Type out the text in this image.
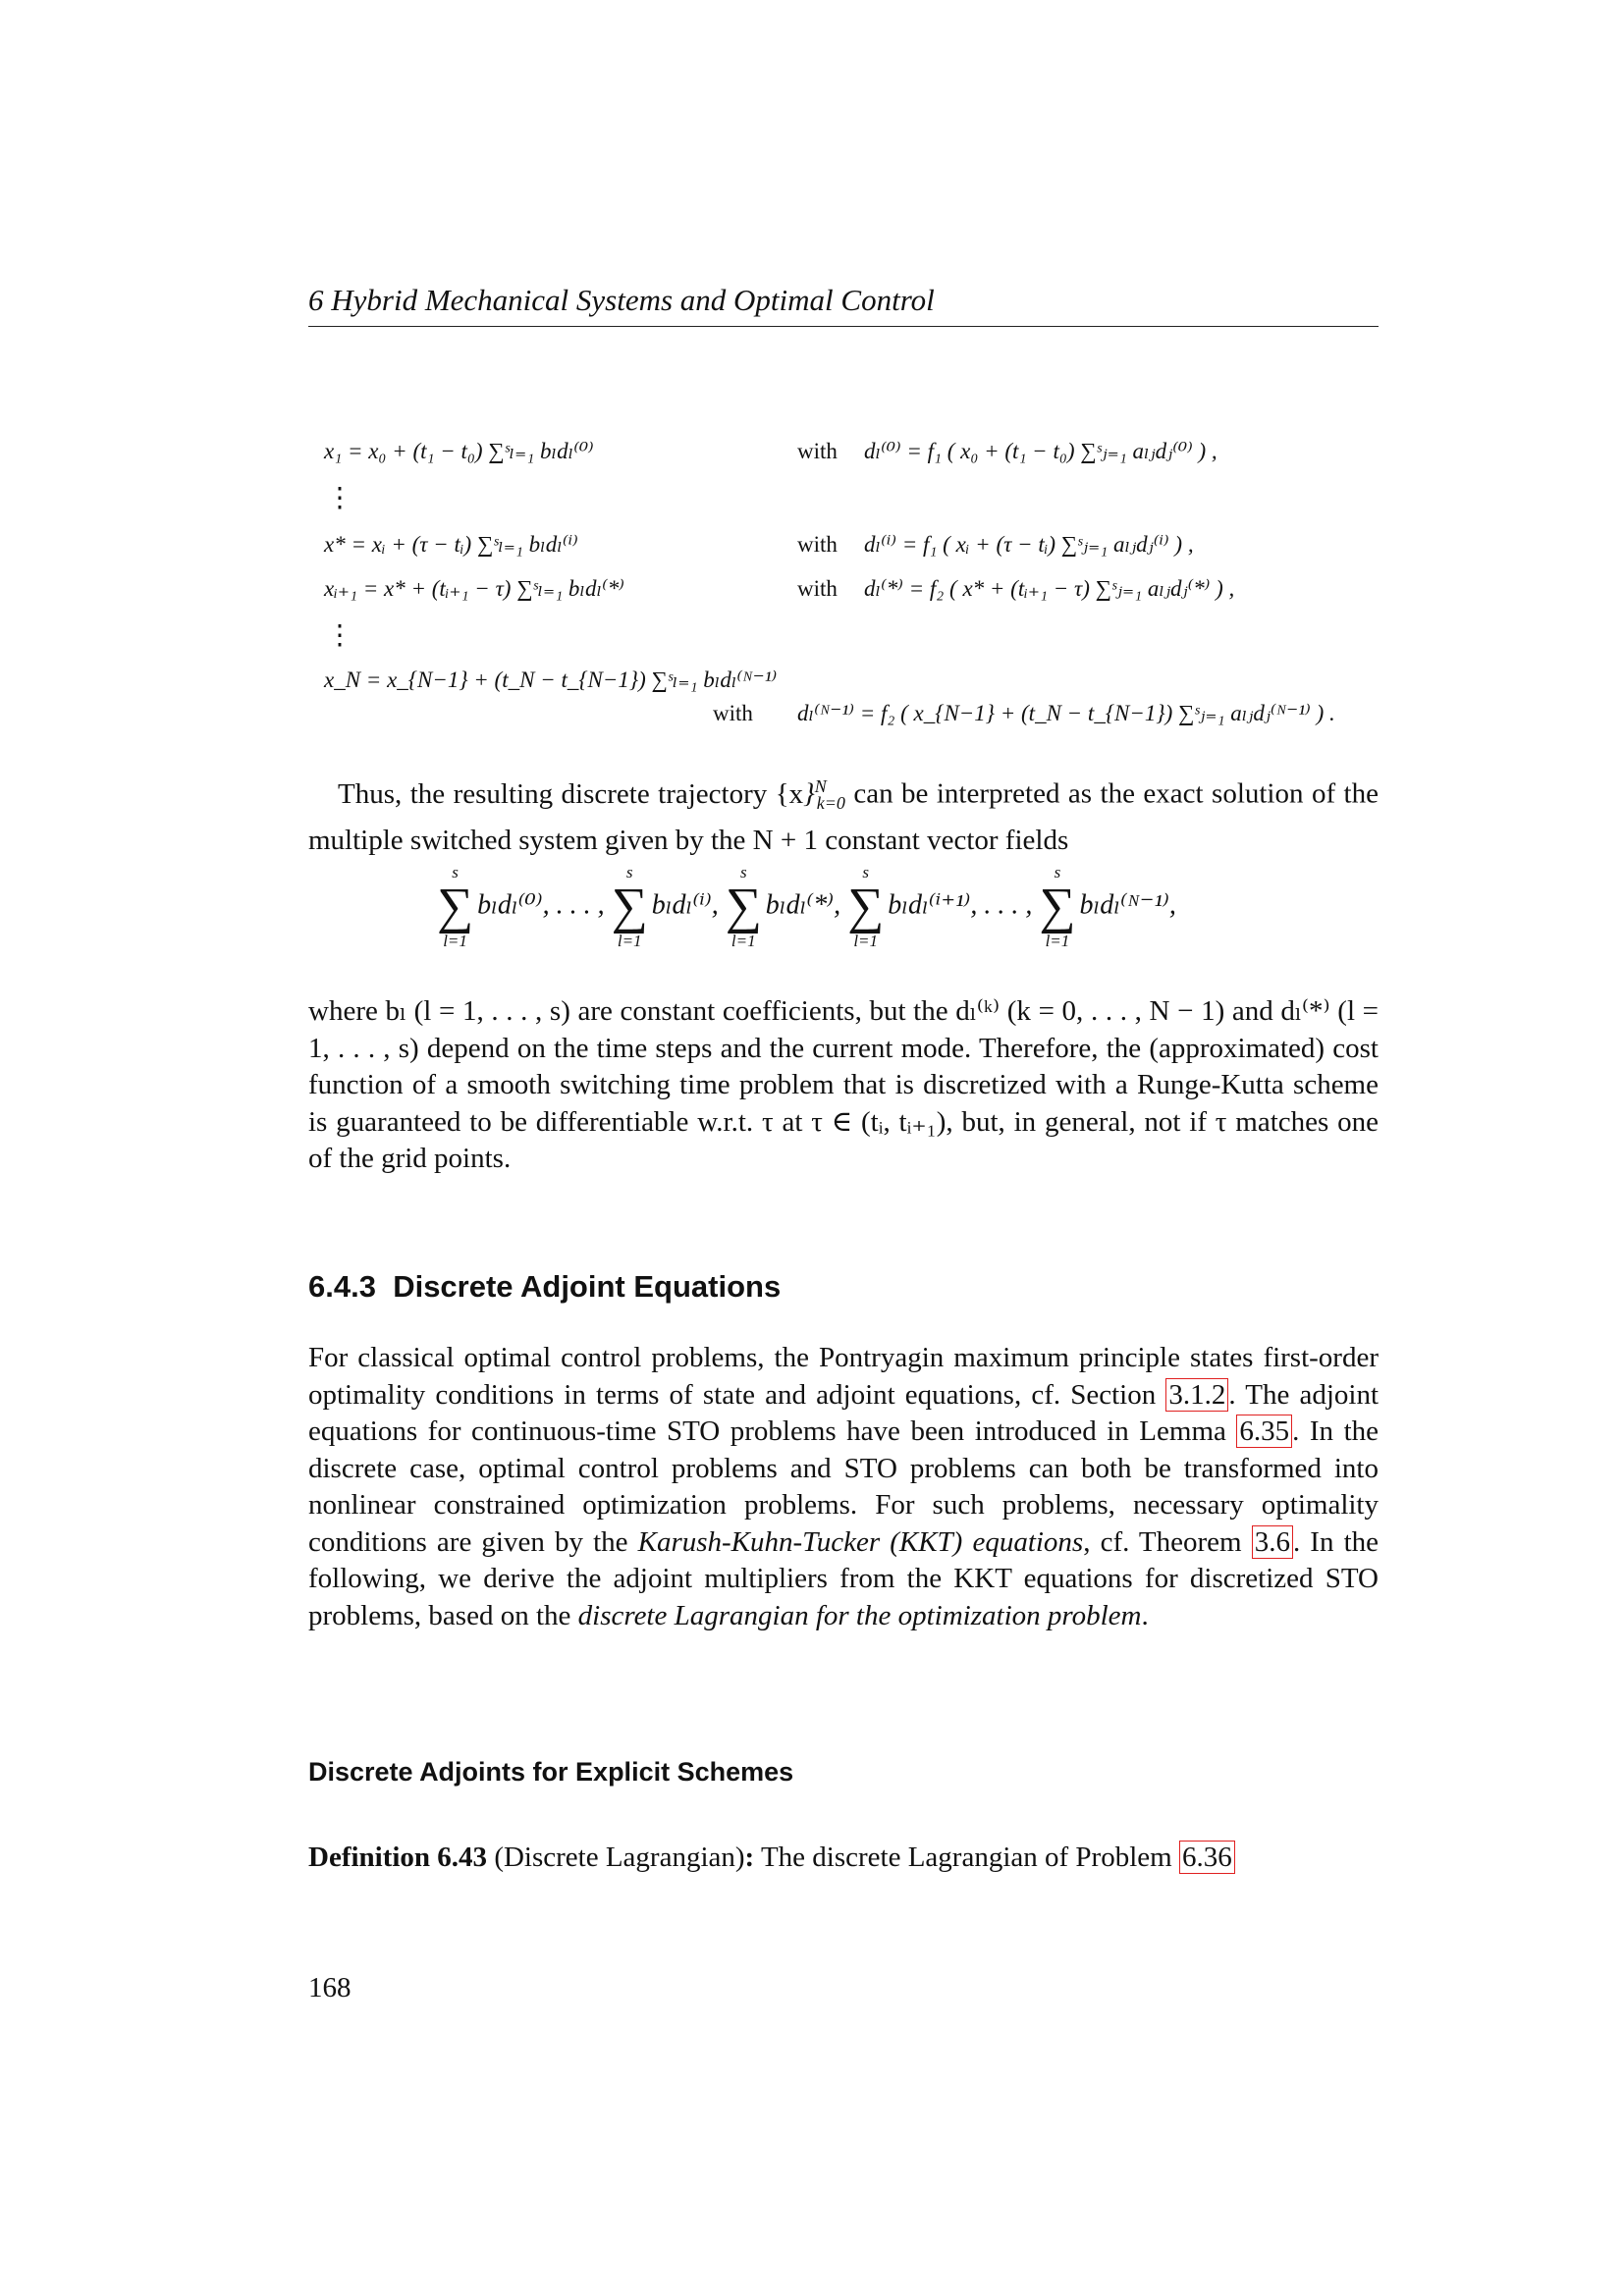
6 Hybrid Mechanical Systems and Optimal Control
x₁ = x₀ + (t₁ − t₀) ∑ˢₗ₌₁ bₗdₗ⁽⁰⁾	with dₗ⁽⁰⁾ = f₁ ( x₀ + (t₁ − t₀) ∑ˢⱼ₌₁ aₗⱼdⱼ⁽⁰⁾ ) ,
⋮
x* = xᵢ + (τ − tᵢ) ∑ˢₗ₌₁ bₗdₗ⁽ⁱ⁾	with dₗ⁽ⁱ⁾ = f₁ ( xᵢ + (τ − tᵢ) ∑ˢⱼ₌₁ aₗⱼdⱼ⁽ⁱ⁾ ) ,
xᵢ₊₁ = x* + (tᵢ₊₁ − τ) ∑ˢₗ₌₁ bₗdₗ⁽*⁾	with dₗ⁽*⁾ = f₂ ( x* + (tᵢ₊₁ − τ) ∑ˢⱼ₌₁ aₗⱼdⱼ⁽*⁾ ) ,
⋮
x_N = x_{N−1} + (t_N − t_{N−1}) ∑ˢₗ₌₁ bₗdₗ⁽ᴺ⁻¹⁾
with dₗ⁽ᴺ⁻¹⁾ = f₂ ( x_{N−1} + (t_N − t_{N−1}) ∑ˢⱼ₌₁ aₗⱼdⱼ⁽ᴺ⁻¹⁾ ) .
Thus, the resulting discrete trajectory $\{x\}^N_{k=0}$ can be interpreted as the exact solution of the multiple switched system given by the N + 1 constant vector fields
s
∑
l=1
bₗdₗ⁽⁰⁾, . . . ,
s
∑
l=1
bₗdₗ⁽ⁱ⁾,
s
∑
l=1
bₗdₗ⁽*⁾,
s
∑
l=1
bₗdₗ⁽ⁱ⁺¹⁾, . . . ,
s
∑
l=1
bₗdₗ⁽ᴺ⁻¹⁾,
where bₗ (l = 1, . . . , s) are constant coefficients, but the dₗ⁽ᵏ⁾ (k = 0, . . . , N − 1) and dₗ⁽*⁾ (l = 1, . . . , s) depend on the time steps and the current mode. Therefore, the (approximated) cost function of a smooth switching time problem that is discretized with a Runge-Kutta scheme is guaranteed to be differentiable w.r.t. τ at τ ∈ (tᵢ, tᵢ₊₁), but, in general, not if τ matches one of the grid points.
6.4.3 Discrete Adjoint Equations
For classical optimal control problems, the Pontryagin maximum principle states first-order optimality conditions in terms of state and adjoint equations, cf. Section 3.1.2 . The adjoint equations for continuous-time STO problems have been introduced in Lemma 6.35 . In the discrete case, optimal control problems and STO problems can both be transformed into nonlinear constrained optimization problems. For such problems, necessary optimality conditions are given by the Karush-Kuhn-Tucker (KKT) equations, cf. Theorem 3.6 . In the following, we derive the adjoint multipliers from the KKT equations for discretized STO problems, based on the discrete Lagrangian for the optimization problem.
Discrete Adjoints for Explicit Schemes
Definition 6.43 (Discrete Lagrangian): The discrete Lagrangian of Problem 6.36
168
